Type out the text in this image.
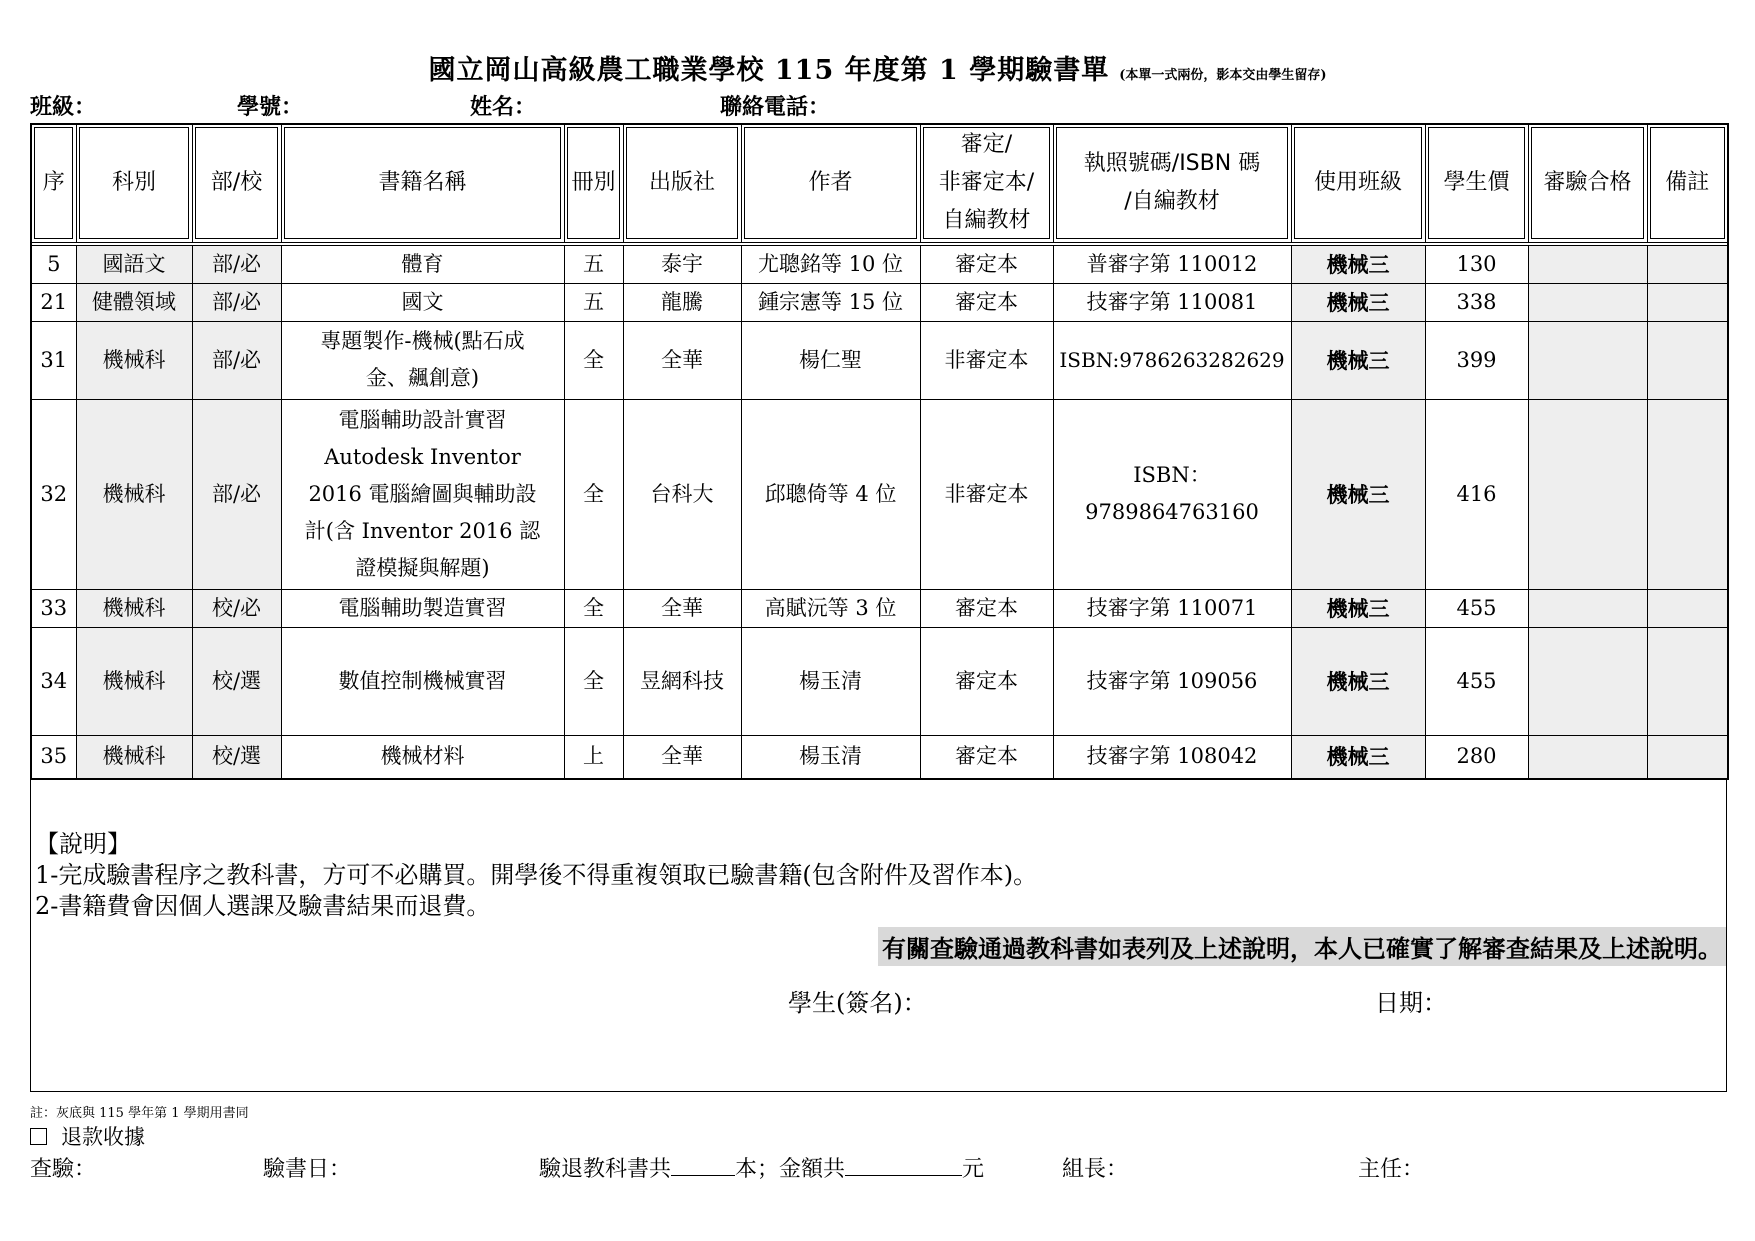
國立岡山高級農工職業學校 115 年度第 1 學期驗書單 (本單一式兩份，影本交由學生留存)
班級：	學號：	姓名：	聯絡電話：
序	科別	部/校	書籍名稱	冊別	出版社	作者	審定/
非審定本/
自編教材	執照號碼/ISBN 碼
/自編教材	使用班級	學生價	審驗合格	備註

5	國語文	部/必	體育	五	泰宇	尤聰銘等 10 位	審定本	普審字第 110012	機械三	130		
21	健體領域	部/必	國文	五	龍騰	鍾宗憲等 15 位	審定本	技審字第 110081	機械三	338		
31	機械科	部/必	專題製作-機械(點石成
金、飆創意)	全	全華	楊仁聖	非審定本	ISBN:9786263282629	機械三	399		
32	機械科	部/必	電腦輔助設計實習
Autodesk Inventor
2016 電腦繪圖與輔助設
計(含 Inventor 2016 認
證模擬與解題)	全	台科大	邱聰倚等 4 位	非審定本	ISBN：
9789864763160	機械三	416		
33	機械科	校/必	電腦輔助製造實習	全	全華	高賦沅等 3 位	審定本	技審字第 110071	機械三	455		
34	機械科	校/選	數值控制機械實習	全	昱網科技	楊玉清	審定本	技審字第 109056	機械三	455		
35	機械科	校/選	機械材料	上	全華	楊玉清	審定本	技審字第 108042	機械三	280		
【說明】
1-完成驗書程序之教科書，方可不必購買。開學後不得重複領取已驗書籍(包含附件及習作本)。
2-書籍費會因個人選課及驗書結果而退費。
有關查驗通過教科書如表列及上述說明，本人已確實了解審查結果及上述說明。
學生(簽名)：	日期：
註：灰底與 115 學年第 1 學期用書同
退款收據
查驗：	驗書日：	驗退教科書共	本；金額共	元	組長：	主任：
